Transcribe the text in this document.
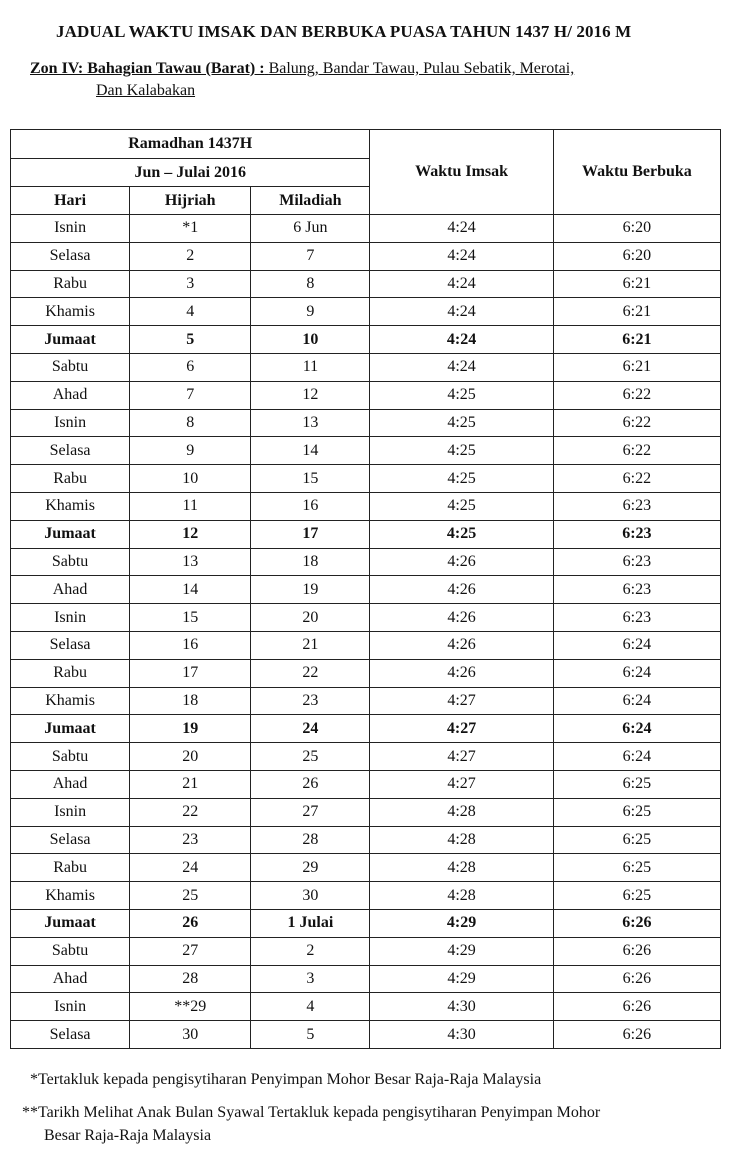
JADUAL WAKTU IMSAK DAN BERBUKA PUASA TAHUN 1437 H/ 2016 M
Zon IV: Bahagian Tawau (Barat) : Balung, Bandar Tawau, Pulau Sebatik, Merotai,
Dan Kalabakan
Ramadhan 1437H			Waktu Imsak	Waktu Berbuka
Jun – Julai 2016				
Hari	Hijriah	Miladiah		
Isnin	*1	6 Jun	4:24	6:20
Selasa	2	7	4:24	6:20
Rabu	3	8	4:24	6:21
Khamis	4	9	4:24	6:21
Jumaat	5	10	4:24	6:21
Sabtu	6	11	4:24	6:21
Ahad	7	12	4:25	6:22
Isnin	8	13	4:25	6:22
Selasa	9	14	4:25	6:22
Rabu	10	15	4:25	6:22
Khamis	11	16	4:25	6:23
Jumaat	12	17	4:25	6:23
Sabtu	13	18	4:26	6:23
Ahad	14	19	4:26	6:23
Isnin	15	20	4:26	6:23
Selasa	16	21	4:26	6:24
Rabu	17	22	4:26	6:24
Khamis	18	23	4:27	6:24
Jumaat	19	24	4:27	6:24
Sabtu	20	25	4:27	6:24
Ahad	21	26	4:27	6:25
Isnin	22	27	4:28	6:25
Selasa	23	28	4:28	6:25
Rabu	24	29	4:28	6:25
Khamis	25	30	4:28	6:25
Jumaat	26	1 Julai	4:29	6:26
Sabtu	27	2	4:29	6:26
Ahad	28	3	4:29	6:26
Isnin	**29	4	4:30	6:26
Selasa	30	5	4:30	6:26
*Tertakluk kepada pengisytiharan Penyimpan Mohor Besar Raja-Raja Malaysia
**Tarikh Melihat Anak Bulan Syawal Tertakluk kepada pengisytiharan Penyimpan Mohor
Besar Raja-Raja Malaysia
